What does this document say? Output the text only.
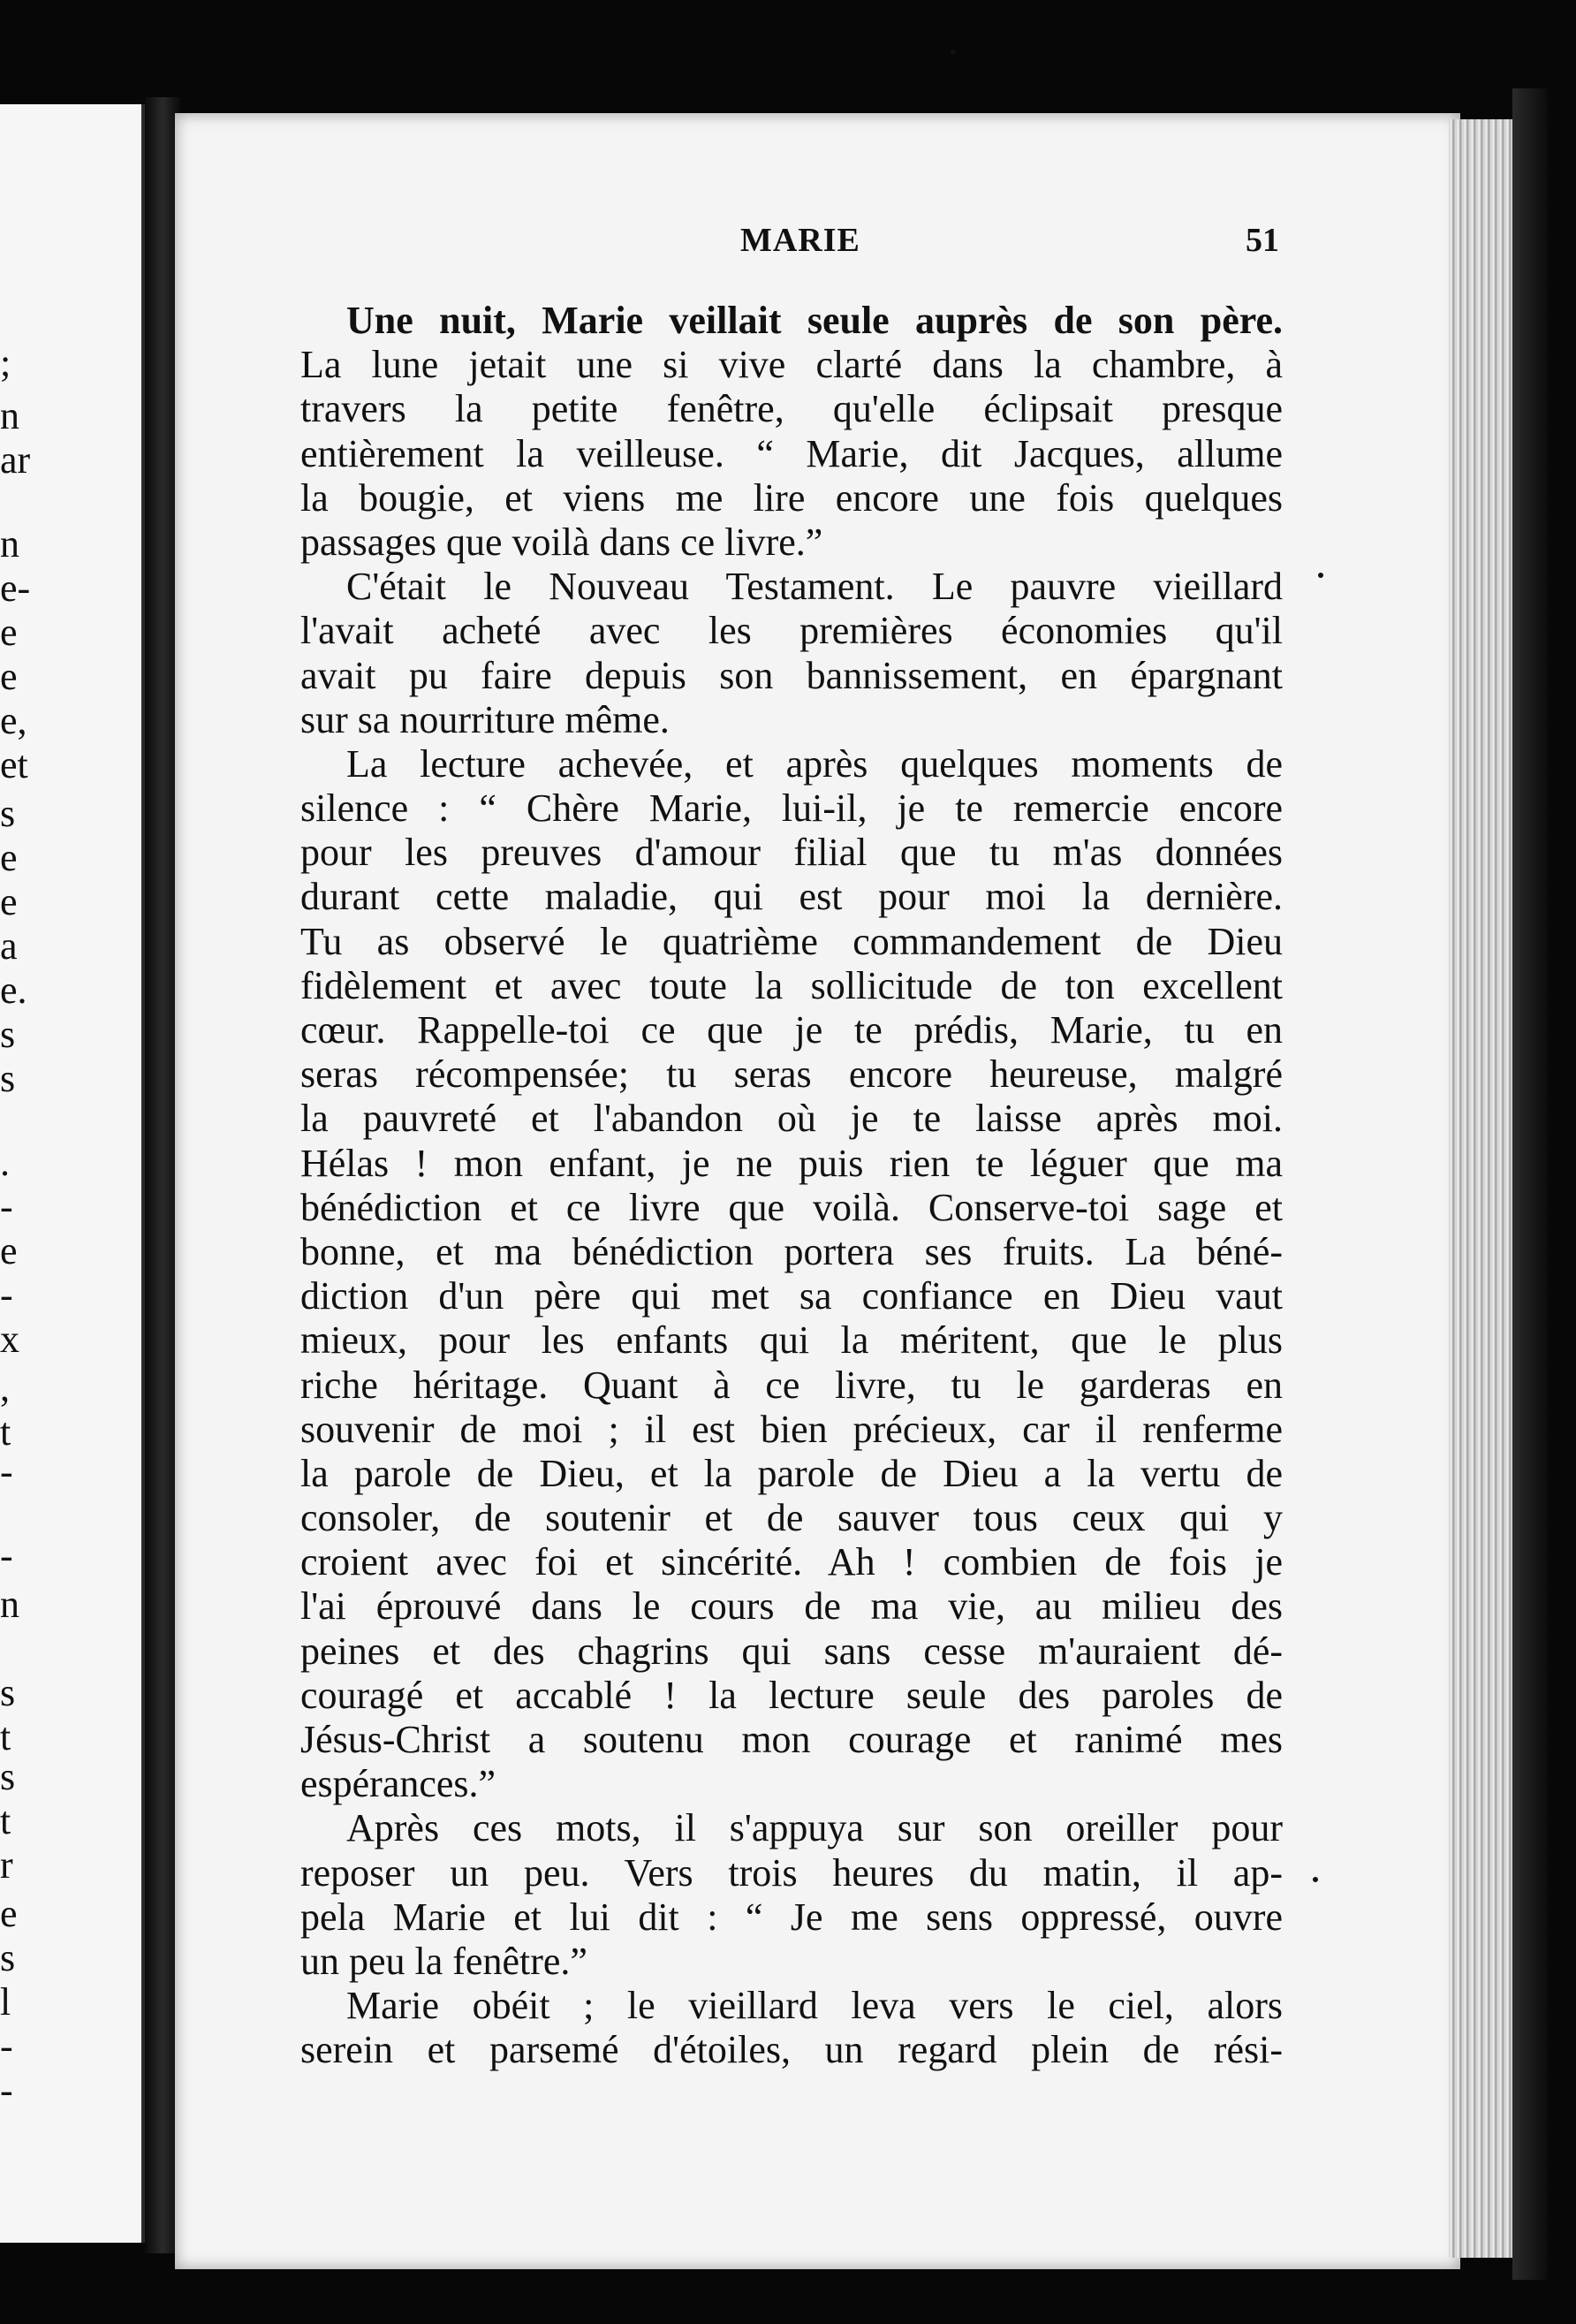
;
n
ar
n
e-
e
e
e,
et
s
e
e
a
e.
s
s
.
-
e
-
x
,
t
-
-
n
s
t
s
t
r
e
s
l
-
-
MARIE	51
Une nuit, Marie veillait seule auprès de son père.
La lune jetait une si vive clarté dans la chambre, à
travers la petite fenêtre, qu'elle éclipsait presque
entièrement la veilleuse. “ Marie, dit Jacques, allume
la bougie, et viens me lire encore une fois quelques
passages que voilà dans ce livre.”
C'était le Nouveau Testament. Le pauvre vieillard
l'avait acheté avec les premières économies qu'il
avait pu faire depuis son bannissement, en épargnant
sur sa nourriture même.
La lecture achevée, et après quelques moments de
silence : “ Chère Marie, lui-il, je te remercie encore
pour les preuves d'amour filial que tu m'as données
durant cette maladie, qui est pour moi la dernière.
Tu as observé le quatrième commandement de Dieu
fidèlement et avec toute la sollicitude de ton excellent
cœur. Rappelle-toi ce que je te prédis, Marie, tu en
seras récompensée; tu seras encore heureuse, malgré
la pauvreté et l'abandon où je te laisse après moi.
Hélas ! mon enfant, je ne puis rien te léguer que ma
bénédiction et ce livre que voilà. Conserve-toi sage et
bonne, et ma bénédiction portera ses fruits. La béné-
diction d'un père qui met sa confiance en Dieu vaut
mieux, pour les enfants qui la méritent, que le plus
riche héritage. Quant à ce livre, tu le garderas en
souvenir de moi ; il est bien précieux, car il renferme
la parole de Dieu, et la parole de Dieu a la vertu de
consoler, de soutenir et de sauver tous ceux qui y
croient avec foi et sincérité. Ah ! combien de fois je
l'ai éprouvé dans le cours de ma vie, au milieu des
peines et des chagrins qui sans cesse m'auraient dé-
couragé et accablé ! la lecture seule des paroles de
Jésus-Christ a soutenu mon courage et ranimé mes
espérances.”
Après ces mots, il s'appuya sur son oreiller pour
reposer un peu. Vers trois heures du matin, il ap-
pela Marie et lui dit : “ Je me sens oppressé, ouvre
un peu la fenêtre.”
Marie obéit ; le vieillard leva vers le ciel, alors
serein et parsemé d'étoiles, un regard plein de rési-
